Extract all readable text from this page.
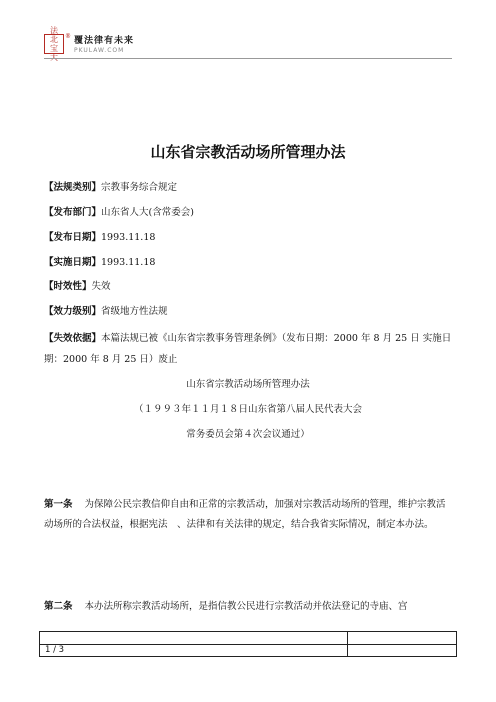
法
北
宝
大
® 覆法律有未来
PKULAW.COM
山东省宗教活动场所管理办法
【法规类别】宗教事务综合规定
【发布部门】山东省人大(含常委会)
【发布日期】1993.11.18
【实施日期】1993.11.18
【时效性】失效
【效力级别】省级地方性法规
【失效依据】本篇法规已被《山东省宗教事务管理条例》（发布日期：2000 年 8 月 25 日 实施日期：2000 年 8 月 25 日）废止
山东省宗教活动场所管理办法
（１９９３年１１月１８日山东省第八届人民代表大会
常务委员会第４次会议通过）
第一条 为保障公民宗教信仰自由和正常的宗教活动，加强对宗教活动场所的管理，维护宗教活动场所的合法权益，根据宪法　、法律和有关法律的规定，结合我省实际情况，制定本办法。
第二条 本办法所称宗教活动场所，是指信教公民进行宗教活动并依法登记的寺庙、宫
1 / 3
